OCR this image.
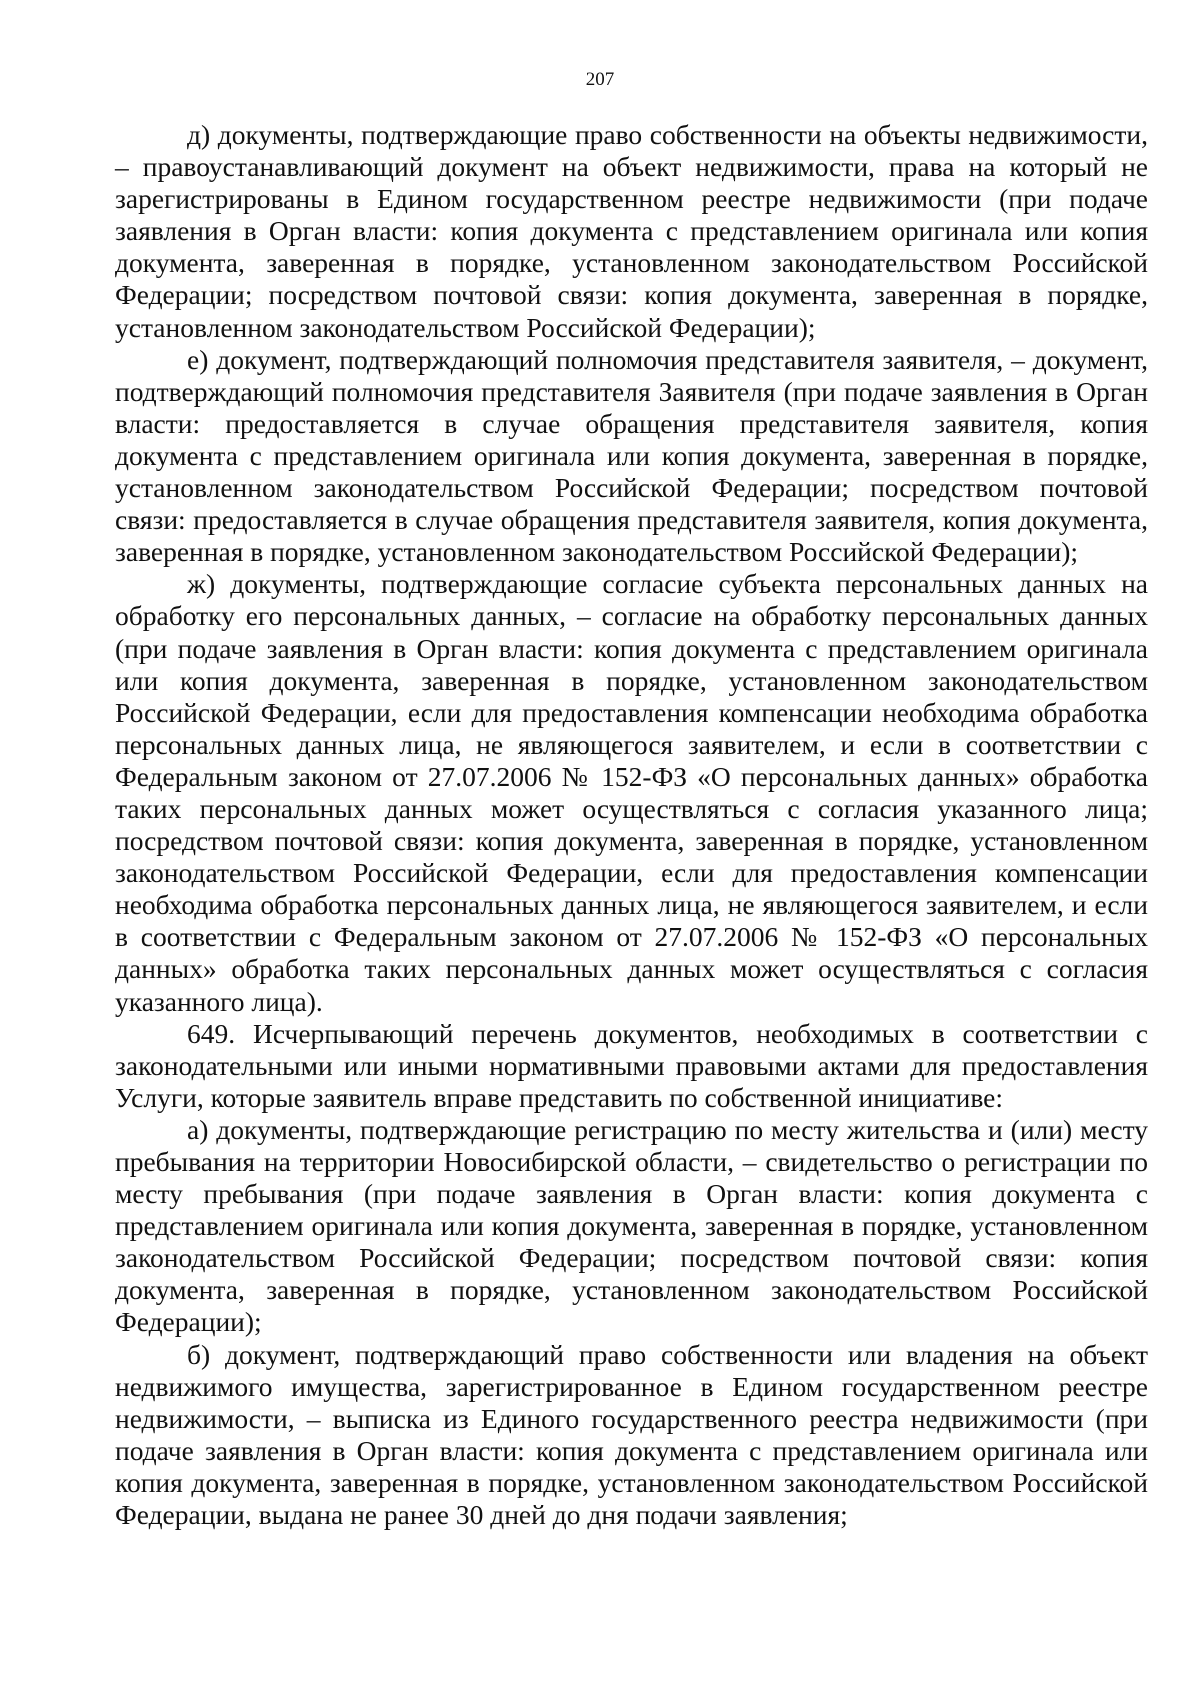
207

д) документы, подтверждающие право собственности на объекты недвижимости, – правоустанавливающий документ на объект недвижимости, права на который не зарегистрированы в Едином государственном реестре недвижимости (при подаче заявления в Орган власти: копия документа с представлением оригинала или копия документа, заверенная в порядке, установленном законодательством Российской Федерации; посредством почтовой связи: копия документа, заверенная в порядке, установленном законодательством Российской Федерации);

е) документ, подтверждающий полномочия представителя заявителя, – документ, подтверждающий полномочия представителя Заявителя (при подаче заявления в Орган власти: предоставляется в случае обращения представителя заявителя, копия документа с представлением оригинала или копия документа, заверенная в порядке, установленном законодательством Российской Федерации; посредством почтовой связи: предоставляется в случае обращения представителя заявителя, копия документа, заверенная в порядке, установленном законодательством Российской Федерации);

ж) документы, подтверждающие согласие субъекта персональных данных на обработку его персональных данных, – согласие на обработку персональных данных (при подаче заявления в Орган власти: копия документа с представлением оригинала или копия документа, заверенная в порядке, установленном законодательством Российской Федерации, если для предоставления компенсации необходима обработка персональных данных лица, не являющегося заявителем, и если в соответствии с Федеральным законом от 27.07.2006 № 152-ФЗ «О персональных данных» обработка таких персональных данных может осуществляться с согласия указанного лица; посредством почтовой связи: копия документа, заверенная в порядке, установленном законодательством Российской Федерации, если для предоставления компенсации необходима обработка персональных данных лица, не являющегося заявителем, и если в соответствии с Федеральным законом от 27.07.2006 № 152-ФЗ «О персональных данных» обработка таких персональных данных может осуществляться с согласия указанного лица).

649. Исчерпывающий перечень документов, необходимых в соответствии с законодательными или иными нормативными правовыми актами для предоставления Услуги, которые заявитель вправе представить по собственной инициативе:

а) документы, подтверждающие регистрацию по месту жительства и (или) месту пребывания на территории Новосибирской области, – свидетельство о регистрации по месту пребывания (при подаче заявления в Орган власти: копия документа с представлением оригинала или копия документа, заверенная в порядке, установленном законодательством Российской Федерации; посредством почтовой связи: копия документа, заверенная в порядке, установленном законодательством Российской Федерации);

б) документ, подтверждающий право собственности или владения на объект недвижимого имущества, зарегистрированное в Едином государственном реестре недвижимости, – выписка из Единого государственного реестра недвижимости (при подаче заявления в Орган власти: копия документа с представлением оригинала или копия документа, заверенная в порядке, установленном законодательством Российской Федерации, выдана не ранее 30 дней до дня подачи заявления;
